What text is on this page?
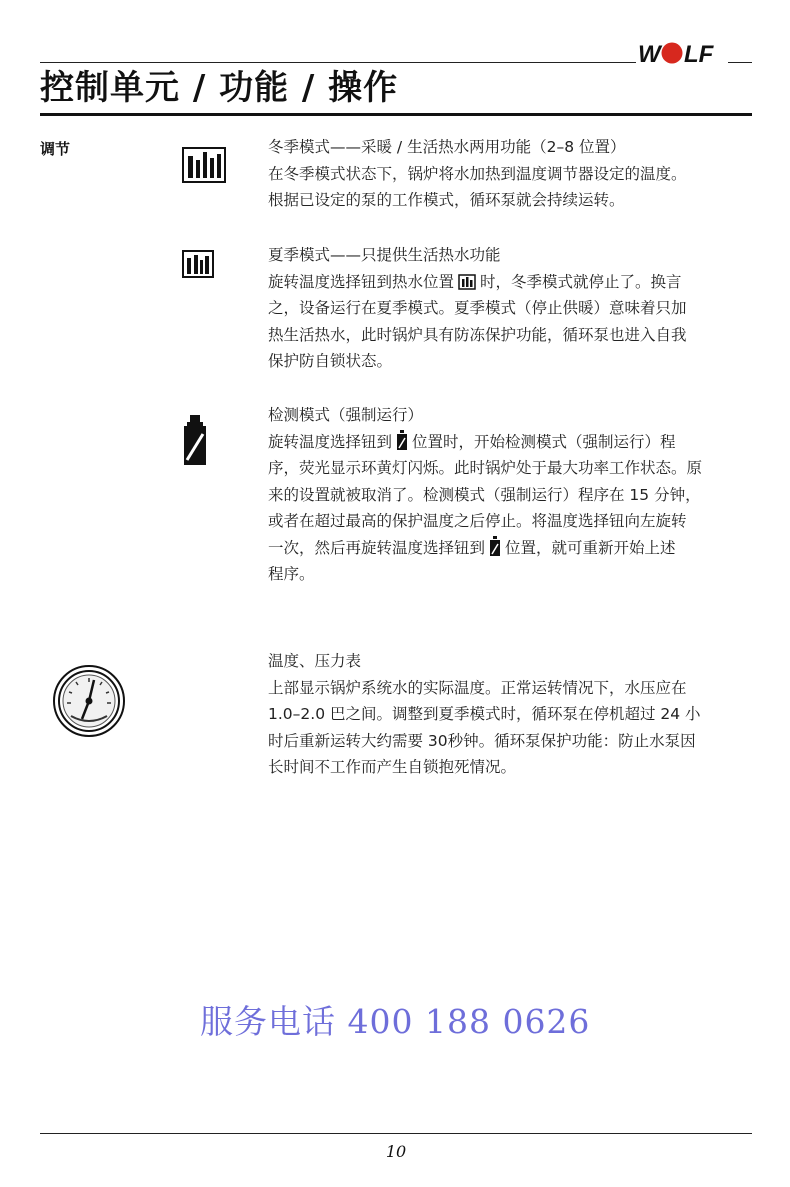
W LF
控制单元 / 功能 / 操作
调节	冬季模式——采暖 / 生活热水两用功能（2–8 位置）

在冬季模式状态下，锅炉将水加热到温度调节器设定的温度。

根据已设定的泵的工作模式，循环泵就会持续运转。

夏季模式——只提供生活热水功能

旋转温度选择钮到热水位置 时，冬季模式就停止了。换言

之，设备运行在夏季模式。夏季模式（停止供暖）意味着只加

热生活热水，此时锅炉具有防冻保护功能，循环泵也进入自我

保护防自锁状态。

检测模式（强制运行）

旋转温度选择钮到 位置时，开始检测模式（强制运行）程

序，荧光显示环黄灯闪烁。此时锅炉处于最大功率工作状态。原

来的设置就被取消了。检测模式（强制运行）程序在 15 分钟，

或者在超过最高的保护温度之后停止。将温度选择钮向左旋转

一次，然后再旋转温度选择钮到 位置，就可重新开始上述

程序。

温度、压力表

上部显示锅炉系统水的实际温度。正常运转情况下，水压应在

1.0–2.0 巴之间。调整到夏季模式时，循环泵在停机超过 24 小

时后重新运转大约需要 30秒钟。循环泵保护功能：防止水泵因

长时间不工作而产生自锁抱死情况。

服务电话 400 188 0626
10
